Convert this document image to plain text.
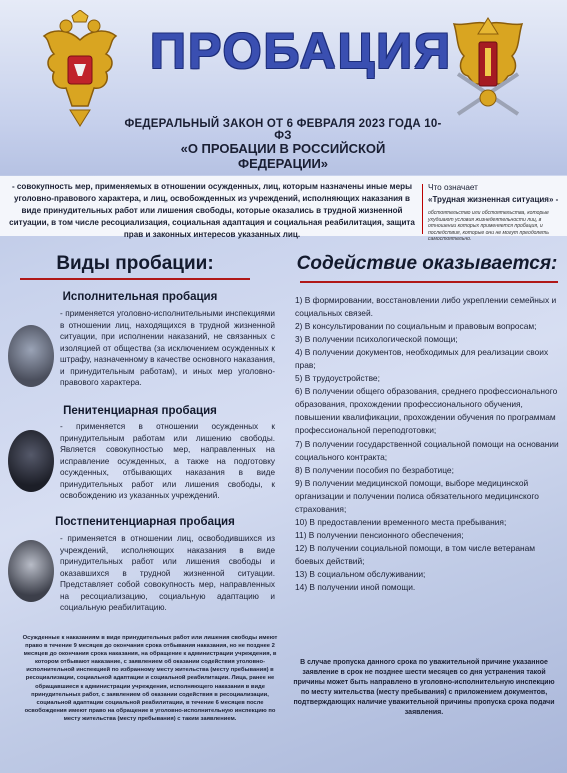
ПРОБАЦИЯ
ФЕДЕРАЛЬНЫЙ ЗАКОН ОТ 6 ФЕВРАЛЯ 2023 ГОДА 10-ФЗ
«О ПРОБАЦИИ В РОССИЙСКОЙ ФЕДЕРАЦИИ»
- совокупность мер, применяемых в отношении осужденных, лиц, которым назначены иные меры уголовно-правового характера, и лиц, освобожденных из учреждений, исполняющих наказания в виде принудительных работ или лишения свободы, которые оказались в трудной жизненной ситуации, в том числе ресоциализация, социальная адаптация и социальная реабилитация, защита прав и законных интересов указанных лиц.
Что означает
«Трудная жизненная ситуация» -
обстоятельство или обстоятельства, которые ухудшают условия жизнедеятельности лиц, в отношении которых применяется пробация, и последствия, которые они не могут преодолеть самостоятельно.
Виды пробации:
Исполнительная пробация
- применяется уголовно-исполнительными инспекциями в отношении лиц, находящихся в трудной жизненной ситуации, при исполнении наказаний, не связанных с изоляцией от общества (за исключением осужденных к штрафу, назначенному в качестве основного наказания, и принудительным работам), и иных мер уголовно-правового характера.
Пенитенциарная пробация
- применяется в отношении осужденных к принудительным работам или лишению свободы. Является совокупностью мер, направленных на исправление осужденных, а также на подготовку осужденных, отбывающих наказания в виде принудительных работ или лишения свободы, к освобождению из указанных учреждений.
Постпенитенциарная пробация
- применяется в отношении лиц, освободившихся из учреждений, исполняющих наказания в виде принудительных работ или лишения свободы и оказавшихся в трудной жизненной ситуации. Представляет собой совокупность мер, направленных на ресоциализацию, социальную адаптацию и социальную реабилитацию.
Содействие оказывается:
1) В формировании, восстановлении либо укреплении семейных и социальных связей.
2) В консультировании по социальным и правовым вопросам;
3) В получении психологической помощи;
4) В получении документов, необходимых для реализации своих прав;
5) В трудоустройстве;
6) В получении общего образования, среднего профессионального образования, прохождении профессионального обучения, повышении квалификации, прохождении обучения по программам профессиональной переподготовки;
7) В получении государственной социальной помощи на основании социального контракта;
8) В получении пособия по безработице;
9) В получении медицинской помощи, выборе медицинской организации и получении полиса обязательного медицинского страхования;
10) В предоставлении временного места пребывания;
11) В получении пенсионного обеспечения;
12) В получении социальной помощи, в том числе ветеранам боевых действий;
13) В социальном обслуживании;
14) В получении иной помощи.
Осужденные к наказаниям в виде принудительных работ или лишения свободы имеют право в течение 9 месяцев до окончания срока отбывания наказания, но не позднее 2 месяцев до окончания срока наказания, на обращение к администрации учреждения, в котором отбывают наказание, с заявлением об оказании содействия уголовно-исполнительной инспекцией по избранному месту жительства (месту пребывания) в ресоциализации, социальной адаптации и социальной реабилитации. Лица, ранее не обращавшиеся к администрации учреждения, исполняющего наказания в виде принудительных работ, с заявлением об оказании содействия в ресоциализации, социальной адаптации социальной реабилитации, в течение 6 месяцев после освобождения имеют право на обращение в уголовно-исполнительную инспекцию по месту жительства (месту пребывания) с таким заявлением.
В случае пропуска данного срока по уважительной причине указанное заявление в срок не позднее шести месяцев со дня устранения такой причины может быть направлено в уголовно-исполнительную инспекцию по месту жительства (месту пребывания) с приложением документов, подтверждающих наличие уважительной причины пропуска срока подачи заявления.
